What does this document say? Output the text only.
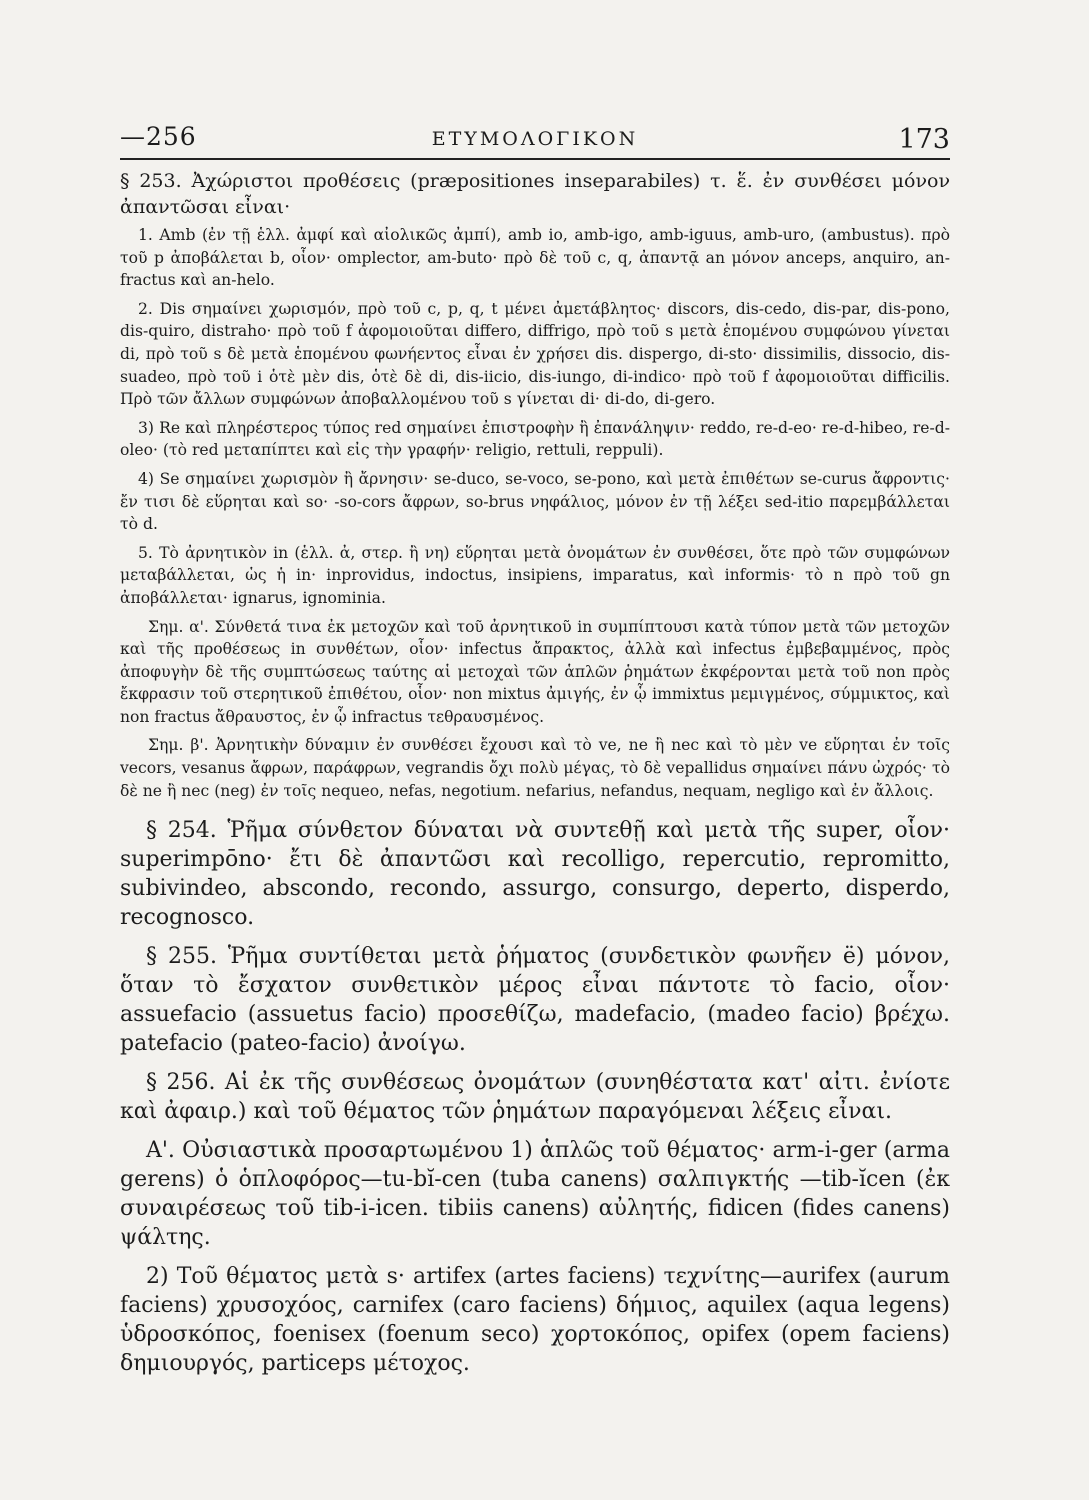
—256	ΕΤΥΜΟΛΟΓΙΚΟΝ	173

§ 253. Ἀχώριστοι προθέσεις (præpositiones inseparabiles) τ. ἕ. ἐν συνθέσει μόνον ἀπαντῶσαι εἶναι·

1. Amb (ἐν τῇ ἑλλ. ἀμφί καὶ αἰολικῶς ἀμπί), amb io, amb-igo, amb-iguus, amb-uro, (ambustus). πρὸ τοῦ p ἀποβάλεται b, οἷον· omplector, am-buto· πρὸ δὲ τοῦ c, q, ἀπαντᾷ an μόνον anceps, anquiro, an-fractus καὶ an-helo.

2. Dis σημαίνει χωρισμόν, πρὸ τοῦ c, p, q, t μένει ἀμετάβλητος· discors, dis-cedo, dis-par, dis-pono, dis-quiro, distraho· πρὸ τοῦ f ἀφομοιοῦται differo, diffrigo, πρὸ τοῦ s μετὰ ἑπομένου συμφώνου γίνεται di, πρὸ τοῦ s δὲ μετὰ ἑπομένου φωνήεντος εἶναι ἐν χρήσει dis. dispergo, di-sto· dissimilis, dissocio, dis-suadeo, πρὸ τοῦ i ὁτὲ μὲν dis, ὁτὲ δὲ di, dis-iicio, dis-iungo, di-indico· πρὸ τοῦ f ἀφομοιοῦται difficilis. Πρὸ τῶν ἄλλων συμφώνων ἀποβαλλομένου τοῦ s γίνεται di· di-do, di-gero.

3) Re καὶ πληρέστερος τύπος red σημαίνει ἐπιστροφὴν ἢ ἐπανάληψιν· reddo, re-d-eo· re-d-hibeo, re-d-oleo· (τὸ red μεταπίπτει καὶ εἰς τὴν γραφήν· religio, rettuli, reppuli).

4) Se σημαίνει χωρισμὸν ἢ ἄρνησιν· se-duco, se-voco, se-pono, καὶ μετὰ ἐπιθέτων se-curus ἄφροντις· ἔν τισι δὲ εὕρηται καὶ so· -so-cors ἄφρων, so-brus νηφάλιος, μόνον ἐν τῇ λέξει sed-itio παρεμβάλλεται τὸ d.

5. Τὸ ἀρνητικὸν in (ἑλλ. ἀ, στερ. ἢ νη) εὕρηται μετὰ ὀνομάτων ἐν συνθέσει, ὅτε πρὸ τῶν συμφώνων μεταβάλλεται, ὡς ἡ in· inprovidus, indoctus, insipiens, imparatus, καὶ informis· τὸ n πρὸ τοῦ gn ἀποβάλλεται· ignarus, ignominia.

Σημ. α'. Σύνθετά τινα ἐκ μετοχῶν καὶ τοῦ ἀρνητικοῦ in συμπίπτουσι κατὰ τύπον μετὰ τῶν μετοχῶν καὶ τῆς προθέσεως in συνθέτων, οἷον· infectus ἄπρακτος, ἀλλὰ καὶ infectus ἐμβεβαμμένος, πρὸς ἀποφυγὴν δὲ τῆς συμπτώσεως ταύτης αἱ μετοχαὶ τῶν ἁπλῶν ῥημάτων ἐκφέρονται μετὰ τοῦ non πρὸς ἔκφρασιν τοῦ στερητικοῦ ἐπιθέτου, οἷον· non mixtus ἀμιγής, ἐν ᾧ immixtus μεμιγμένος, σύμμικτος, καὶ non fractus ἄθραυστος, ἐν ᾧ infractus τεθραυσμένος.

Σημ. β'. Ἀρνητικὴν δύναμιν ἐν συνθέσει ἔχουσι καὶ τὸ ve, ne ἢ nec καὶ τὸ μὲν ve εὕρηται ἐν τοῖς vecors, vesanus ἄφρων, παράφρων, vegrandis ὄχι πολὺ μέγας, τὸ δὲ vepallidus σημαίνει πάνυ ὠχρός· τὸ δὲ ne ἢ nec (neg) ἐν τοῖς nequeo, nefas, negotium. nefarius, nefandus, nequam, negligo καὶ ἐν ἄλλοις.

§ 254. Ῥῆμα σύνθετον δύναται νὰ συντεθῇ καὶ μετὰ τῆς super, οἷον· superimpōno· ἔτι δὲ ἀπαντῶσι καὶ recolligo, repercutio, repromitto, subivindeo, abscondo, recondo, assurgo, consurgo, deperto, disperdo, recognosco.

§ 255. Ῥῆμα συντίθεται μετὰ ῥήματος (συνδετικὸν φωνῆεν ë) μόνον, ὅταν τὸ ἔσχατον συνθετικὸν μέρος εἶναι πάντοτε τὸ facio, οἷον· assuefacio (assuetus facio) προσεθίζω, madefacio, (madeo facio) βρέχω. patefacio (pateo-facio) ἀνοίγω.

§ 256. Αἱ ἐκ τῆς συνθέσεως ὀνομάτων (συνηθέστατα κατ' αἰτι. ἐνίοτε καὶ ἀφαιρ.) καὶ τοῦ θέματος τῶν ῥημάτων παραγόμεναι λέξεις εἶναι.

Α'. Οὐσιαστικὰ προσαρτωμένου 1) ἁπλῶς τοῦ θέματος· arm-i-ger (arma gerens) ὁ ὁπλοφόρος—tu-bĭ-cen (tuba canens) σαλπιγκτής —tib-ĭcen (ἐκ συναιρέσεως τοῦ tib-i-icen. tibiis canens) αὐλητής, fidicen (fides canens) ψάλτης.

2) Τοῦ θέματος μετὰ s· artifex (artes faciens) τεχνίτης—aurifex (aurum faciens) χρυσοχόος, carnifex (caro faciens) δήμιος, aquilex (aqua legens) ὑδροσκόπος, foenisex (foenum seco) χορτοκόπος, opifex (opem faciens) δημιουργός, particeps μέτοχος.
